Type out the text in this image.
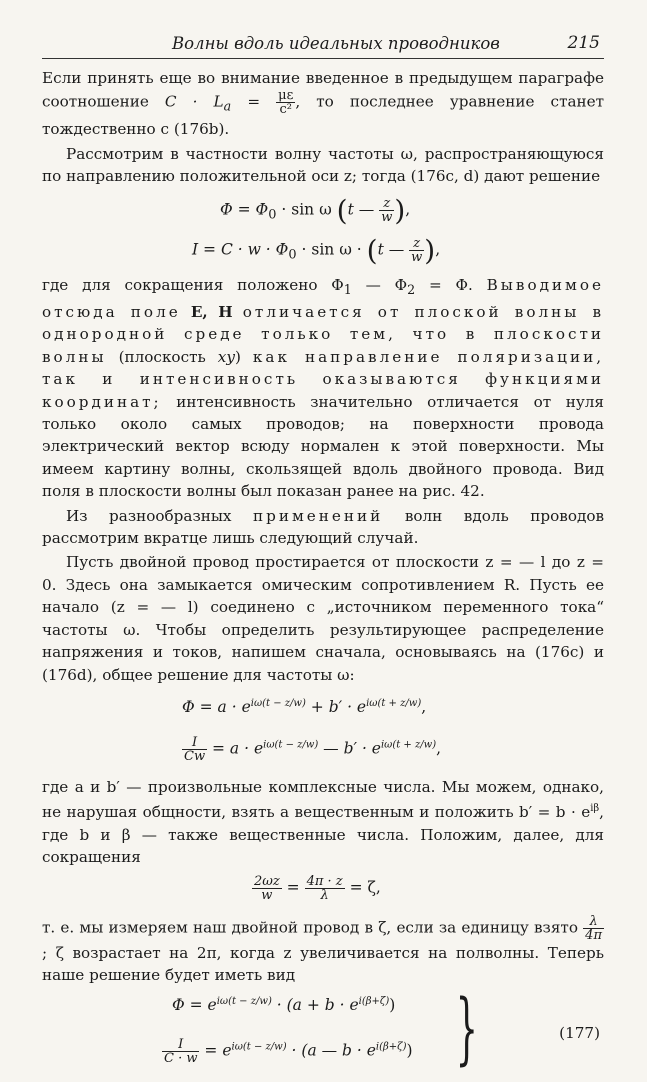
Волны вдоль идеальных проводников	215

Если принять еще во внимание введенное в предыдущем параграфе соотношение $C \cdot L_a = \frac{\mu\varepsilon}{\text{c²}}$ , то последнее уравнение станет тождественно с (176b).

Рассмотрим в частности волну частоты ω, распространяющуюся по направлению положительной оси z; тогда (176c, d) дают решение

$\Phi = \Phi_0 \cdot \sin \omega$ (t — $\frac{z}{w}$ ),
$I = C \cdot w \cdot \Phi_0 \cdot \sin \omega \cdot (t$ — $\frac{z}{w}$ ),

где для сокращения положено $\Phi_1$ — $\Phi_2 = \Phi$. Выводимое отсюда поле E, H отличается от плоской волны в однородной среде только тем, что в плоскости волны (плоскость xy) как направление поляризации, так и интенсивность оказываются функциями координат; интенсивность значительно отличается от нуля только около самых проводов; на поверхности провода электрический вектор всюду нормален к этой поверхности. Мы имеем картину волны, скользящей вдоль двойного провода. Вид поля в плоскости волны был показан ранее на рис. 42.

Из разнообразных применений волн вдоль проводов рассмотрим вкратце лишь следующий случай.

Пусть двойной провод простирается от плоскости z = — l до z = 0. Здесь она замыкается омическим сопротивлением R. Пусть ее начало (z = — l) соединено с „источником переменного тока“ частоты ω. Чтобы определить результирующее распределение напряжения и токов, напишем сначала, основываясь на (176c) и (176d), общее решение для частоты ω:

$\Phi = a \cdot e^{i\omega(t - z/w)} + b' \cdot e^{i\omega(t + z/w)}$,
$\frac{I}{Cw} = a \cdot e^{i\omega(t - z/w)}$ — $b' \cdot e^{i\omega(t + z/w)}$,

где a и b′ — произвольные комплексные числа. Мы можем, однако, не нарушая общности, взять a вещественным и положить $b' = b \cdot e^{i\beta}$, где b и β — также вещественные числа. Положим, далее, для сокращения

$\frac{2\omega z}{w} = \frac{4\pi \cdot z}{\lambda} = \zeta$,

т. е. мы измеряем наш двойной провод в ζ, если за единицу взято $\frac{\lambda}{4\pi}$
; ζ возрастает на 2π, когда z увеличивается на полволны. Теперь наше решение будет иметь вид

$\Phi = e^{i\omega(t - z/w)} \cdot (a + b \cdot e^{i(\beta+\zeta)})$
$\frac{I}{C \cdot w} = e^{i\omega(t - z/w)} \cdot (a$ — $b \cdot e^{i(\beta+\zeta)}$) }	(177)
